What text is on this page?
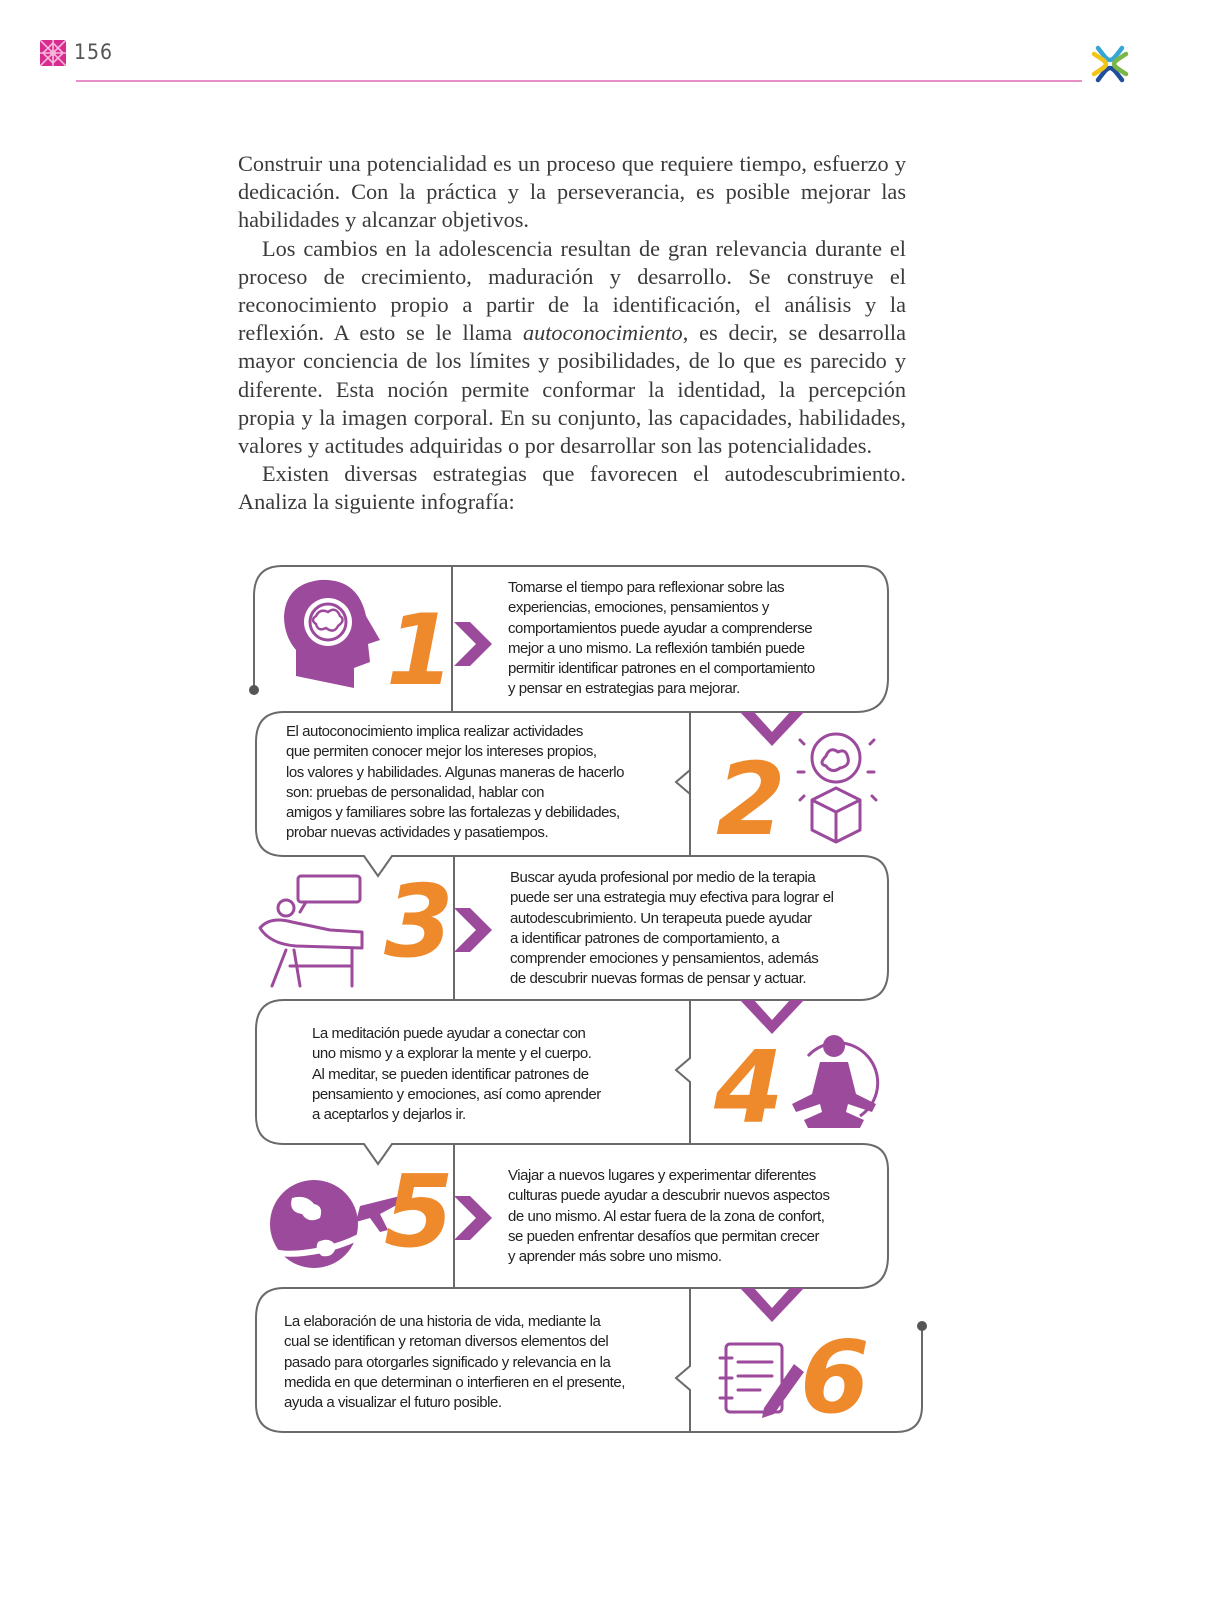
156

Construir una potencialidad es un proceso que requiere tiempo, esfuerzo y dedicación. Con la práctica y la perseverancia, es posible mejorar las habilidades y alcanzar objetivos.

Los cambios en la adolescencia resultan de gran relevancia durante el proceso de crecimiento, maduración y desarrollo. Se construye el reconocimiento propio a partir de la identificación, el análisis y la reflexión. A esto se le llama autoconocimiento, es decir, se desarrolla mayor conciencia de los límites y posibilidades, de lo que es parecido y diferente. Esta noción permite conformar la identidad, la percepción propia y la imagen corporal. En su conjunto, las capacidades, habilidades, valores y actitudes adquiridas o por desarrollar son las potencialidades.

Existen diversas estrategias que favorecen el autodescubrimiento. Analiza la siguiente infografía:

1
2
3
4
5
6
Tomarse el tiempo para reflexionar sobre las
experiencias, emociones, pensamientos y
comportamientos puede ayudar a comprenderse
mejor a uno mismo. La reflexión también puede
permitir identificar patrones en el comportamiento
y pensar en estrategias para mejorar.
El autoconocimiento implica realizar actividades
que permiten conocer mejor los intereses propios,
los valores y habilidades. Algunas maneras de hacerlo
son: pruebas de personalidad, hablar con
amigos y familiares sobre las fortalezas y debilidades,
probar nuevas actividades y pasatiempos.
Buscar ayuda profesional por medio de la terapia
puede ser una estrategia muy efectiva para lograr el
autodescubrimiento. Un terapeuta puede ayudar
a identificar patrones de comportamiento, a
comprender emociones y pensamientos, además
de descubrir nuevas formas de pensar y actuar.
La meditación puede ayudar a conectar con
uno mismo y a explorar la mente y el cuerpo.
Al meditar, se pueden identificar patrones de
pensamiento y emociones, así como aprender
a aceptarlos y dejarlos ir.
Viajar a nuevos lugares y experimentar diferentes
culturas puede ayudar a descubrir nuevos aspectos
de uno mismo. Al estar fuera de la zona de confort,
se pueden enfrentar desafíos que permitan crecer
y aprender más sobre uno mismo.
La elaboración de una historia de vida, mediante la
cual se identifican y retoman diversos elementos del
pasado para otorgarles significado y relevancia en la
medida en que determinan o interfieren en el presente,
ayuda a visualizar el futuro posible.
